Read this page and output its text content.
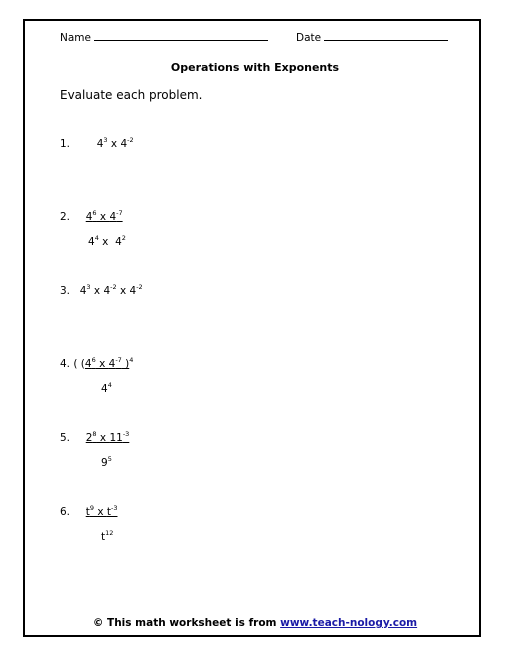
Name	Date
Operations with Exponents
Evaluate each problem.
1.	$4^3$ x $4^{-2}$
2. $4^6$ x $4^{-7}$
$4^4$ x  $4^2$
3. $4^3$ x $4^{-2}$ x $4^{-2}$
4. ( ($4^6$ x $4^{-7}$ )$^4$
$4^4$
5. $2^8$ x $11^{-3}$
$9^5$
6. $t^9$ x $t^{-3}$
$t^{12}$
© This math worksheet is from www.teach-nology.com
